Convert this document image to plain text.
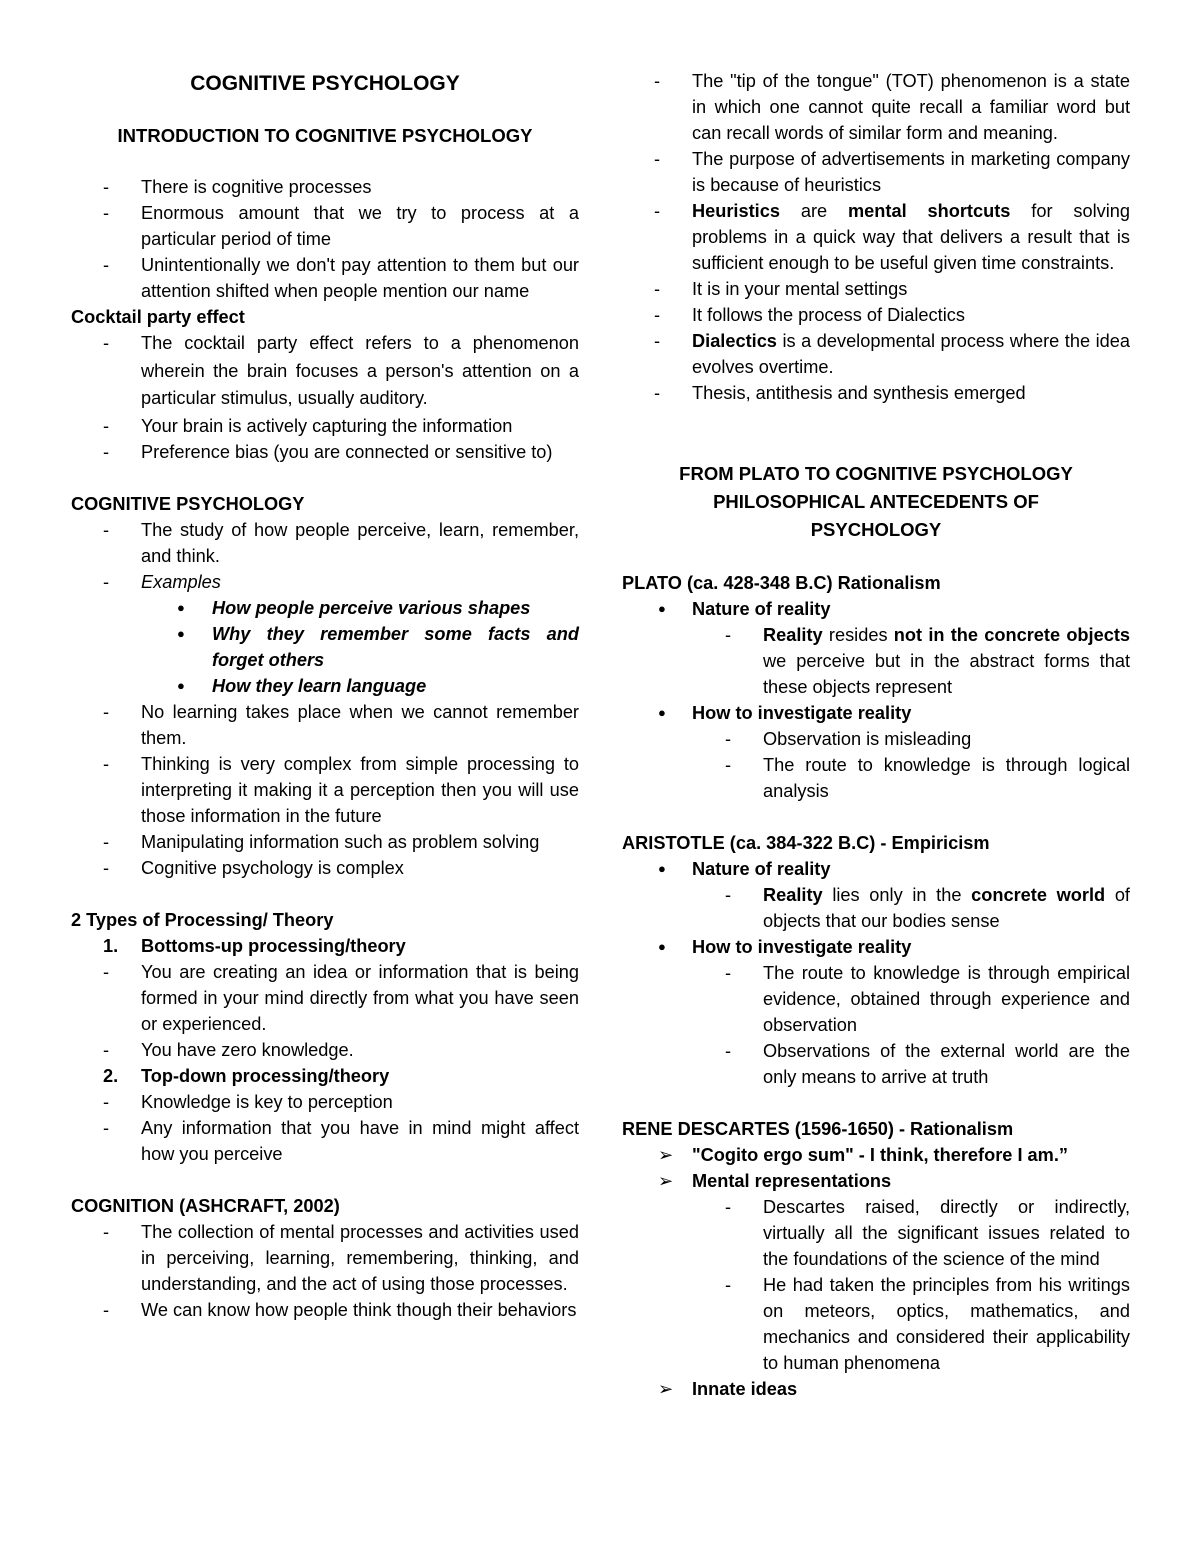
COGNITIVE PSYCHOLOGY
INTRODUCTION TO COGNITIVE PSYCHOLOGY
- There is cognitive processes
- Enormous amount that we try to process at a particular period of time
- Unintentionally we don't pay attention to them but our attention shifted when people mention our name
Cocktail party effect
- The cocktail party effect refers to a phenomenon wherein the brain focuses a person's attention on a particular stimulus, usually auditory.
- Your brain is actively capturing the information
- Preference bias (you are connected or sensitive to)
COGNITIVE PSYCHOLOGY
- The study of how people perceive, learn, remember, and think.
- Examples
● How people perceive various shapes
● Why they remember some facts and forget others
● How they learn language
- No learning takes place when we cannot remember them.
- Thinking is very complex from simple processing to interpreting it making it a perception then you will use those information in the future
- Manipulating information such as problem solving
- Cognitive psychology is complex
2 Types of Processing/ Theory
1. Bottoms-up processing/theory
- You are creating an idea or information that is being formed in your mind directly from what you have seen or experienced.
- You have zero knowledge.
2. Top-down processing/theory
- Knowledge is key to perception
- Any information that you have in mind might affect how you perceive
COGNITION (ASHCRAFT, 2002)
- The collection of mental processes and activities used in perceiving, learning, remembering, thinking, and understanding, and the act of using those processes.
- We can know how people think though their behaviors
- The "tip of the tongue" (TOT) phenomenon is a state in which one cannot quite recall a familiar word but can recall words of similar form and meaning.
- The purpose of advertisements in marketing company is because of heuristics
- Heuristics are mental shortcuts for solving problems in a quick way that delivers a result that is sufficient enough to be useful given time constraints.
- It is in your mental settings
- It follows the process of Dialectics
- Dialectics is a developmental process where the idea evolves overtime.
- Thesis, antithesis and synthesis emerged
FROM PLATO TO COGNITIVE PSYCHOLOGY
PHILOSOPHICAL ANTECEDENTS OF
PSYCHOLOGY
PLATO (ca. 428-348 B.C) Rationalism
● Nature of reality
- Reality resides not in the concrete objects we perceive but in the abstract forms that these objects represent
● How to investigate reality
- Observation is misleading
- The route to knowledge is through logical analysis
ARISTOTLE (ca. 384-322 B.C) - Empiricism
● Nature of reality
- Reality lies only in the concrete world of objects that our bodies sense
● How to investigate reality
- The route to knowledge is through empirical evidence, obtained through experience and observation
- Observations of the external world are the only means to arrive at truth
RENE DESCARTES (1596-1650) - Rationalism
➢ "Cogito ergo sum" - I think, therefore I am.”
➢ Mental representations
- Descartes raised, directly or indirectly, virtually all the significant issues related to the foundations of the science of the mind
- He had taken the principles from his writings on meteors, optics, mathematics, and mechanics and considered their applicability to human phenomena
➢ Innate ideas
